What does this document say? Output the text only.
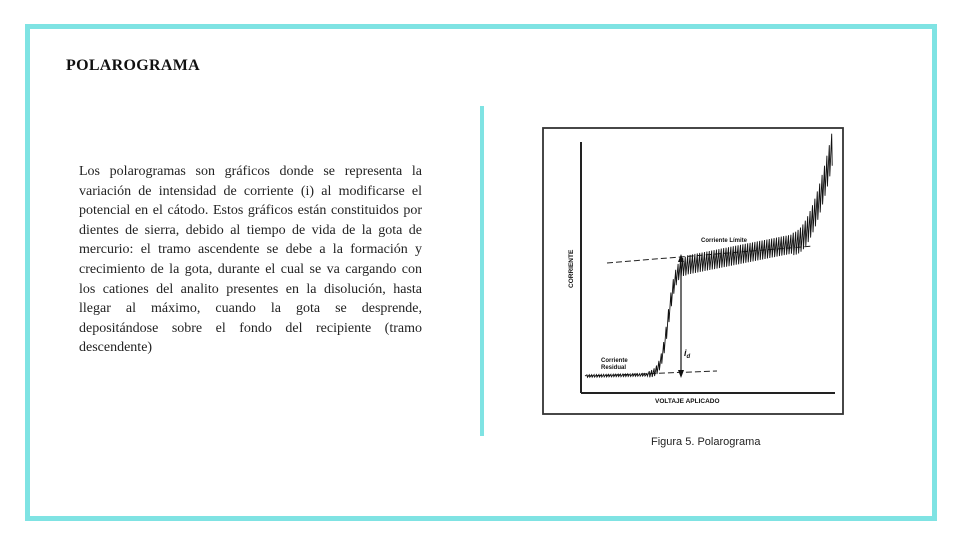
POLAROGRAMA
Los polarogramas son gráficos donde se representa la variación de intensidad de corriente (i) al modificarse el potencial en el cátodo. Estos gráficos están constituidos por dientes de sierra, debido al tiempo de vida de la gota de mercurio: el tramo ascendente se debe a la formación y crecimiento de la gota, durante el cual se va cargando con los cationes del analito presentes en la disolución, hasta llegar al máximo, cuando la gota se desprende, depositándose sobre el fondo del recipiente (tramo descendente)
CORRIENTE
VOLTAJE APLICADO
Corriente Límite
Corriente
Residual
$i_d$
Figura 5. Polarograma
